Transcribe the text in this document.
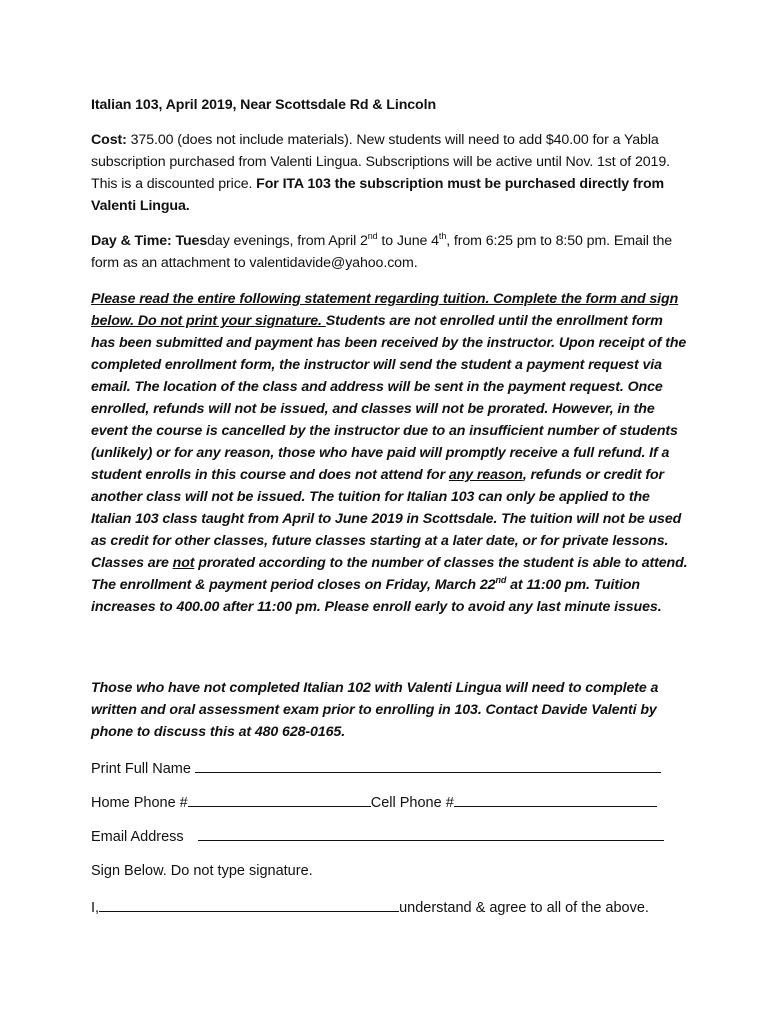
Italian 103, April 2019, Near Scottsdale Rd & Lincoln
Cost: 375.00 (does not include materials). New students will need to add $40.00 for a Yabla subscription purchased from Valenti Lingua. Subscriptions will be active until Nov. 1st of 2019. This is a discounted price. For ITA 103 the subscription must be purchased directly from Valenti Lingua.
Day & Time: Tuesday evenings, from April 2nd to June 4th, from 6:25 pm to 8:50 pm. Email the form as an attachment to valentidavide@yahoo.com.
Please read the entire following statement regarding tuition. Complete the form and sign below. Do not print your signature. Students are not enrolled until the enrollment form has been submitted and payment has been received by the instructor. Upon receipt of the completed enrollment form, the instructor will send the student a payment request via email. The location of the class and address will be sent in the payment request. Once enrolled, refunds will not be issued, and classes will not be prorated. However, in the event the course is cancelled by the instructor due to an insufficient number of students (unlikely) or for any reason, those who have paid will promptly receive a full refund. If a student enrolls in this course and does not attend for any reason, refunds or credit for another class will not be issued. The tuition for Italian 103 can only be applied to the Italian 103 class taught from April to June 2019 in Scottsdale. The tuition will not be used as credit for other classes, future classes starting at a later date, or for private lessons. Classes are not prorated according to the number of classes the student is able to attend. The enrollment & payment period closes on Friday, March 22nd at 11:00 pm. Tuition increases to 400.00 after 11:00 pm. Please enroll early to avoid any last minute issues.
Those who have not completed Italian 102 with Valenti Lingua will need to complete a written and oral assessment exam prior to enrolling in 103. Contact Davide Valenti by phone to discuss this at 480 628-0165.
Print Full Name
Home Phone #	Cell Phone #
Email Address
Sign Below. Do not type signature.
I,	understand & agree to all of the above.
